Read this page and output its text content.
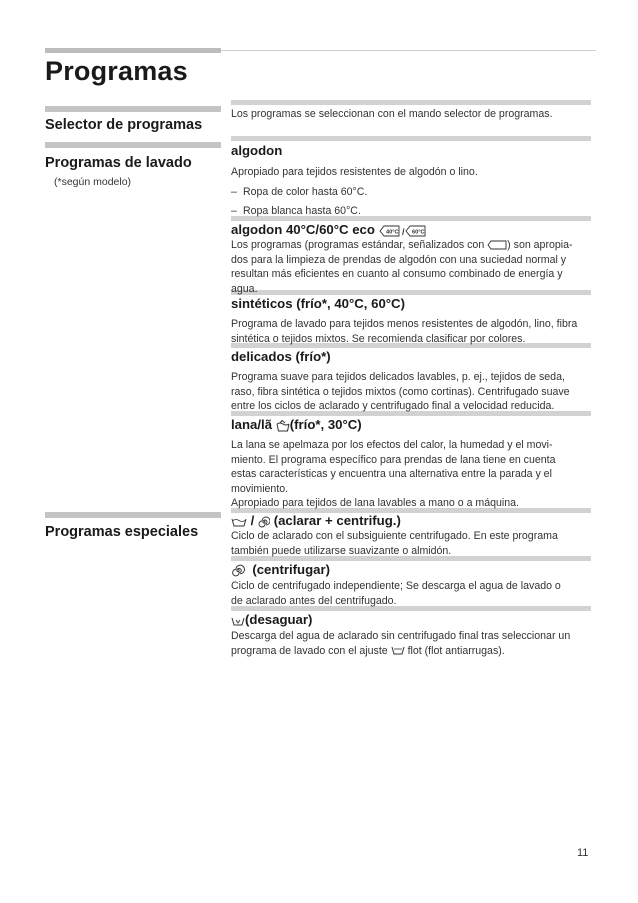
Programas
Selector de programas
Programas de lavado
(*según modelo)
Programas especiales

Los programas se seleccionan con el mando selector de programas.

algodon

Apropiado para tejidos resistentes de algodón o lino.

– Ropa de color hasta 60°C.

– Ropa blanca hasta 60°C.

algodon 40°C/60°C eco 40°C / 60°C

Los programas (programas estándar, señalizados con ) son apropia-

dos para la limpieza de prendas de algodón con una suciedad normal y

resultan más eficientes en cuanto al consumo combinado de energía y

agua.

sintéticos (frío*, 40°C, 60°C)

Programa de lavado para tejidos menos resistentes de algodón, lino, fibra

sintética o tejidos mixtos. Se recomienda clasificar por colores.

delicados (frío*)

Programa suave para tejidos delicados lavables, p. ej., tejidos de seda,

raso, fibra sintética o tejidos mixtos (como cortinas). Centrifugado suave

entre los ciclos de aclarado y centrifugado final a velocidad reducida.

lana/lã (frío*, 30°C)

La lana se apelmaza por los efectos del calor, la humedad y el movi-

miento. El programa específico para prendas de lana tiene en cuenta

estas características y encuentra una alternativa entre la parada y el

movimiento.

Apropiado para tejidos de lana lavables a mano o a máquina.

/ (aclarar + centrifug.)

Ciclo de aclarado con el subsiguiente centrifugado. En este programa

también puede utilizarse suavizante o almidón.

(centrifugar)

Ciclo de centrifugado independiente; Se descarga el agua de lavado o

de aclarado antes del centrifugado.

(desaguar)

Descarga del agua de aclarado sin centrifugado final tras seleccionar un

programa de lavado con el ajuste flot (flot antiarrugas).

11
